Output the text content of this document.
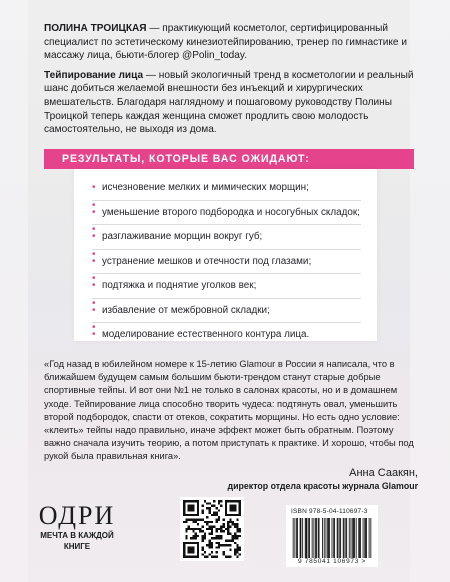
ПОЛИНА ТРОИЦКАЯ — практикующий косметолог, сертифицированный специалист по эстетическому кинезиотейпированию, тренер по гимнастике и массажу лица, бьюти-блогер @Polin_today.

Тейпирование лица — новый экологичный тренд в косметологии и реальный шанс добиться желаемой внешности без инъекций и хирургических вмешательств. Благодаря наглядному и пошаговому руководству Полины Троицкой теперь каждая женщина сможет продлить свою молодость самостоятельно, не выходя из дома.

РЕЗУЛЬТАТЫ, КОТОРЫЕ ВАС ОЖИДАЮТ:
• исчезновение мелких и мимических морщин;
•
• уменьшение второго подбородка и носогубных складок;
•
• разглаживание морщин вокруг губ;
•
• устранение мешков и отечности под глазами;
•
• подтяжка и поднятие уголков век;
•
• избавление от межбровной складки;
•
• моделирование естественного контура лица.
«Год назад в юбилейном номере к 15-летию Glamour в России я написала, что в ближайшем будущем самым большим бьюти-трендом станут старые добрые спортивные тейпы. И вот они №1 не только в салонах красоты, но и в домашнем уходе. Тейпирование лица способно творить чудеса: подтянуть овал, уменьшить второй подбородок, спасти от отеков, сократить морщины. Но есть одно условие: «клеить» тейпы надо правильно, иначе эффект может быть обратным. Поэтому важно сначала изучить теорию, а потом приступать к практике. И хорошо, чтобы под рукой была правильная книга».
Анна Саакян,
директор отдела красоты журнала Glamour
ОДРИ
МЕЧТА В КАЖДОЙ
КНИГЕ
ISBN 978-5-04-110697-3
9 785041 106973 >
